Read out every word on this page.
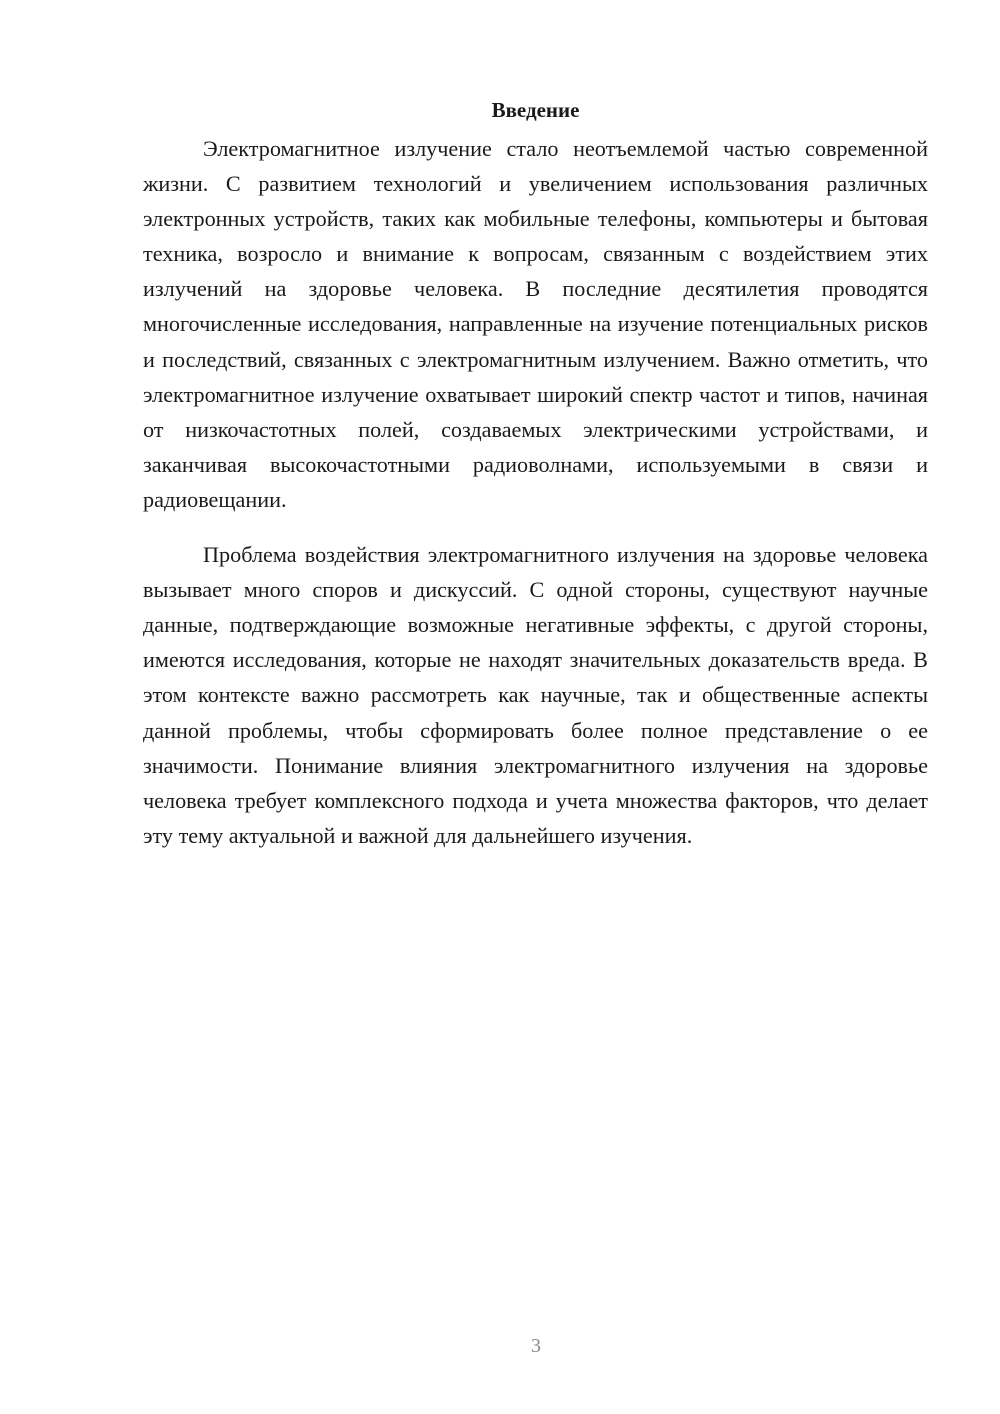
Введение

Электромагнитное излучение стало неотъемлемой частью современной жизни. С развитием технологий и увеличением использования различных электронных устройств, таких как мобильные телефоны, компьютеры и бытовая техника, возросло и внимание к вопросам, связанным с воздействием этих излучений на здоровье человека. В последние десятилетия проводятся многочисленные исследования, направленные на изучение потенциальных рисков и последствий, связанных с электромагнитным излучением. Важно отметить, что электромагнитное излучение охватывает широкий спектр частот и типов, начиная от низкочастотных полей, создаваемых электрическими устройствами, и заканчивая высокочастотными радиоволнами, используемыми в связи и радиовещании.

Проблема воздействия электромагнитного излучения на здоровье человека вызывает много споров и дискуссий. С одной стороны, существуют научные данные, подтверждающие возможные негативные эффекты, с другой стороны, имеются исследования, которые не находят значительных доказательств вреда. В этом контексте важно рассмотреть как научные, так и общественные аспекты данной проблемы, чтобы сформировать более полное представление о ее значимости. Понимание влияния электромагнитного излучения на здоровье человека требует комплексного подхода и учета множества факторов, что делает эту тему актуальной и важной для дальнейшего изучения.

3
